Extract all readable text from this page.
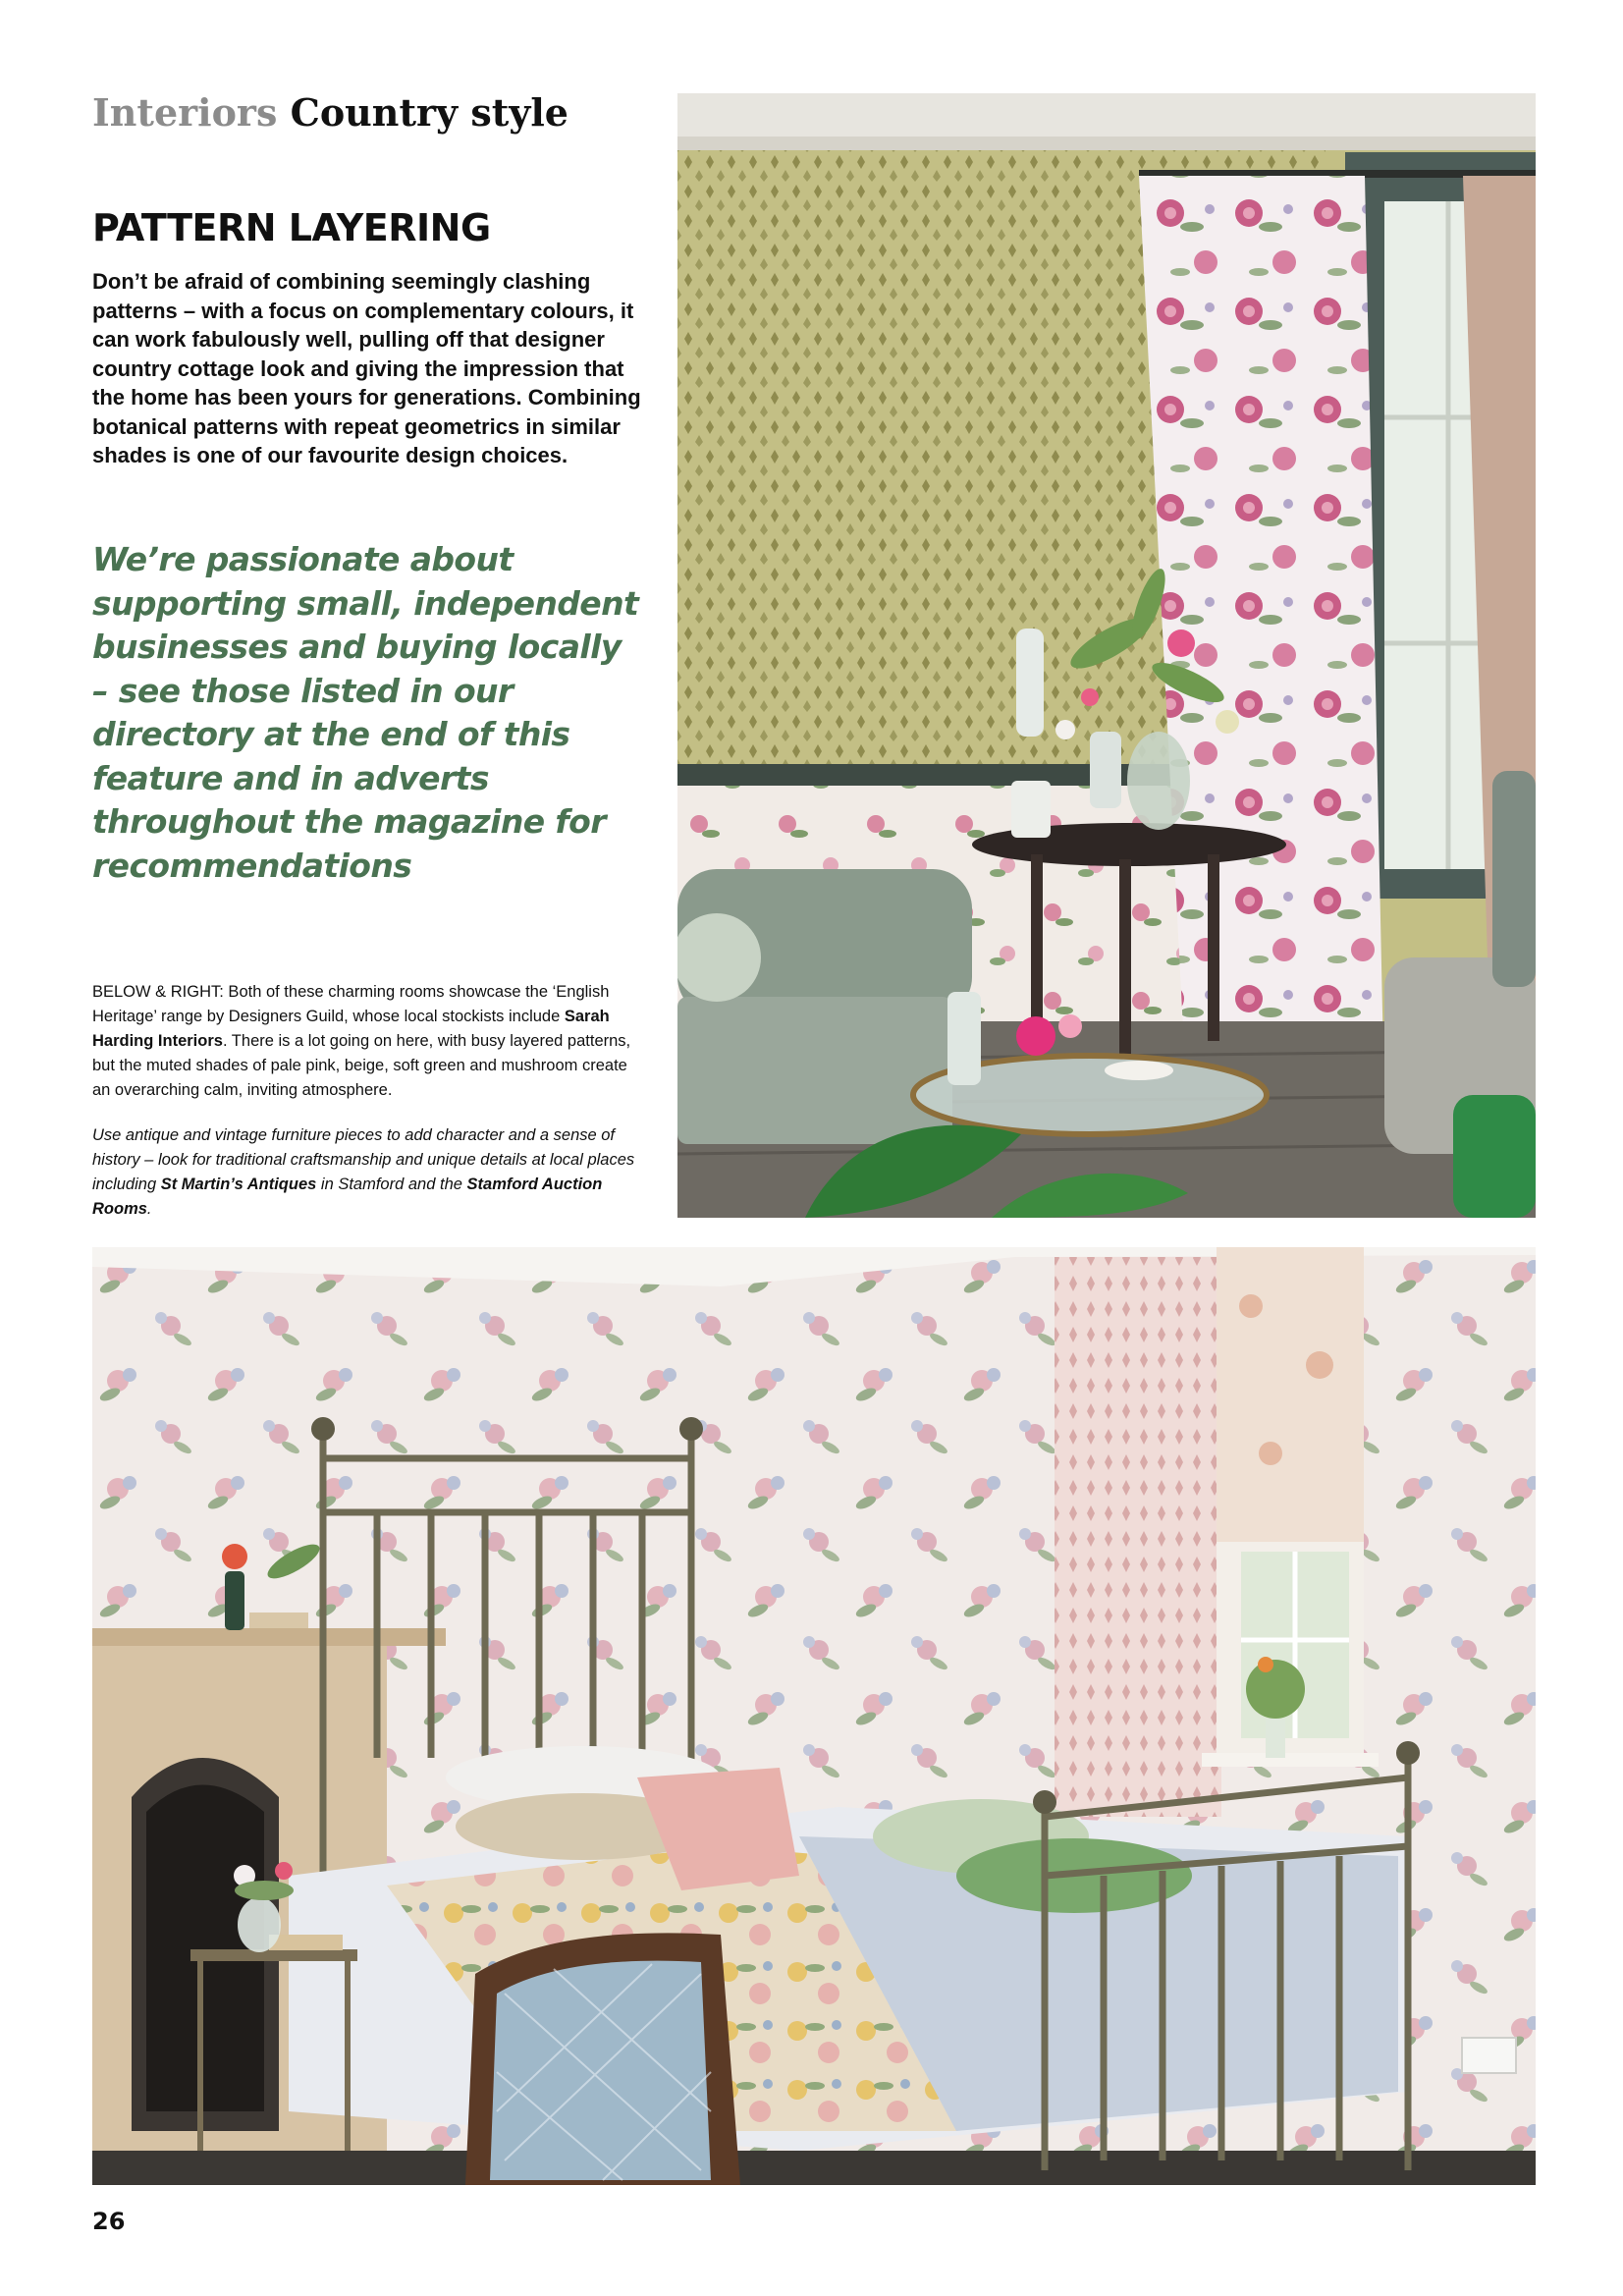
Interiors Country style
PATTERN LAYERING

Don’t be afraid of combining seemingly clashing patterns – with a focus on complementary colours, it can work fabulously well, pulling off that designer country cottage look and giving the impression that the home has been yours for generations. Combining botanical patterns with repeat geometrics in similar shades is one of our favourite design choices.

We’re passionate about supporting small, independent businesses and buying locally – see those listed in our directory at the end of this feature and in adverts throughout the magazine for recommendations

BELOW & RIGHT: Both of these charming rooms showcase the ‘English Heritage’ range by Designers Guild, whose local stockists include Sarah Harding Interiors. There is a lot going on here, with busy layered patterns, but the muted shades of pale pink, beige, soft green and mushroom create an overarching calm, inviting atmosphere.

Use antique and vintage furniture pieces to add character and a sense of history – look for traditional craftsmanship and unique details at local places including St Martin’s Antiques in Stamford and the Stamford Auction Rooms.

26
